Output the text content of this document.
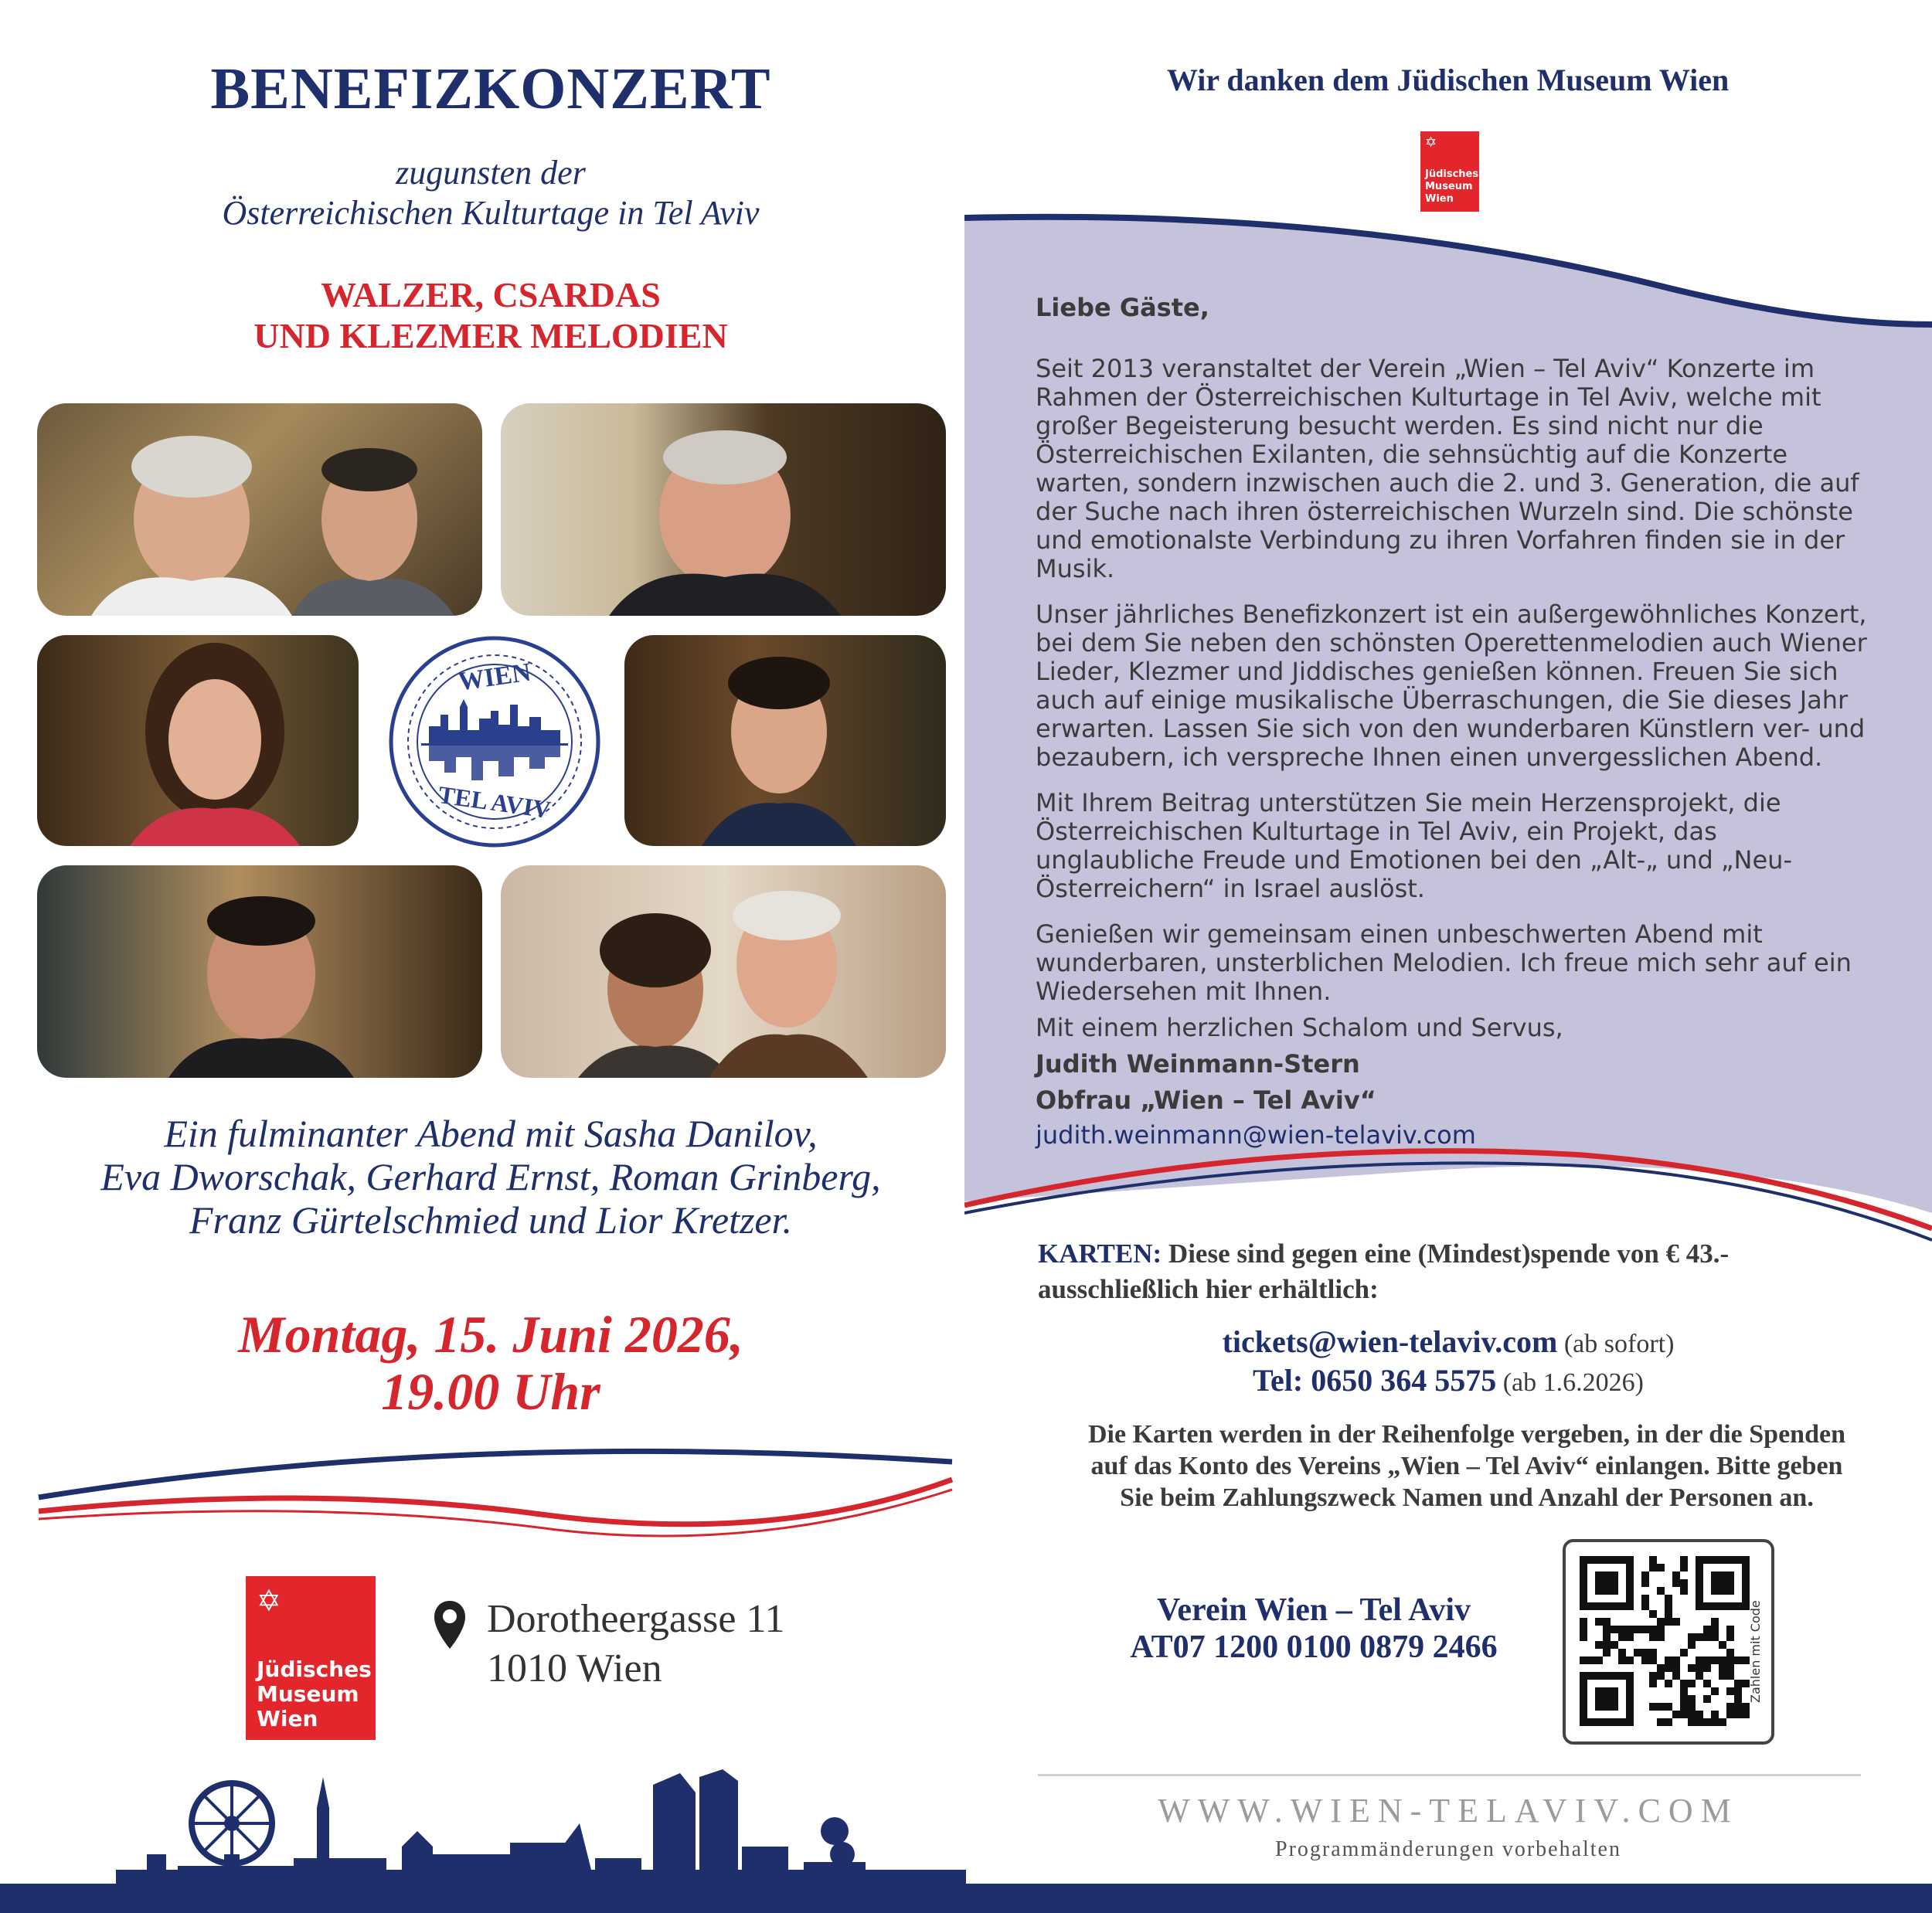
BENEFIZKONZERT
zugunsten der
Österreichischen Kulturtage in Tel Aviv
WALZER, CSARDAS
UND KLEZMER MELODIEN
WIEN
TEL AVIV
Ein fulminanter Abend mit Sasha Danilov,
Eva Dworschak, Gerhard Ernst, Roman Grinberg,
Franz Gürtelschmied und Lior Kretzer.
Montag, 15. Juni 2026,
19.00 Uhr
✡
Jüdisches
Museum
Wien
Dorotheergasse 11
1010 Wien
Wir danken dem Jüdischen Museum Wien
✡
Jüdisches
Museum
Wien
Liebe Gäste,
Seit 2013 veranstaltet der Verein „Wien – Tel Aviv“ Konzerte im Rahmen der Österreichischen Kulturtage in Tel Aviv, welche mit großer Begeisterung besucht werden. Es sind nicht nur die Österreichischen Exilanten, die sehnsüchtig auf die Konzerte warten, sondern inzwischen auch die 2. und 3. Generation, die auf der Suche nach ihren österreichischen Wurzeln sind. Die schönste und emotionalste Verbindung zu ihren Vorfahren finden sie in der Musik.
Unser jährliches Benefizkonzert ist ein außergewöhnliches Konzert, bei dem Sie neben den schönsten Operettenmelodien auch Wiener Lieder, Klezmer und Jiddisches genießen können. Freuen Sie sich auch auf einige musikalische Überraschungen, die Sie dieses Jahr erwarten. Lassen Sie sich von den wunderbaren Künstlern ver- und bezaubern, ich verspreche Ihnen einen unvergesslichen Abend.
Mit Ihrem Beitrag unterstützen Sie mein Herzensprojekt, die Österreichischen Kulturtage in Tel Aviv, ein Projekt, das unglaubliche Freude und Emotionen bei den „Alt-„ und „Neu-Österreichern“ in Israel auslöst.
Genießen wir gemeinsam einen unbeschwerten Abend mit wunderbaren, unsterblichen Melodien. Ich freue mich sehr auf ein Wiedersehen mit Ihnen.
Mit einem herzlichen Schalom und Servus,
Judith Weinmann-Stern
Obfrau „Wien – Tel Aviv“
judith.weinmann@wien-telaviv.com
KARTEN: Diese sind gegen eine (Mindest)spende von € 43.-
ausschließlich hier erhältlich:
tickets@wien-telaviv.com (ab sofort)
Tel: 0650 364 5575 (ab 1.6.2026)
Die Karten werden in der Reihenfolge vergeben, in der die Spenden
auf das Konto des Vereins „Wien – Tel Aviv“ einlangen. Bitte geben
Sie beim Zahlungszweck Namen und Anzahl der Personen an.
Verein Wien – Tel Aviv
AT07 1200 0100 0879 2466	Zahlen mit Code
WWW.WIEN-TELAVIV.COM
Programmänderungen vorbehalten
